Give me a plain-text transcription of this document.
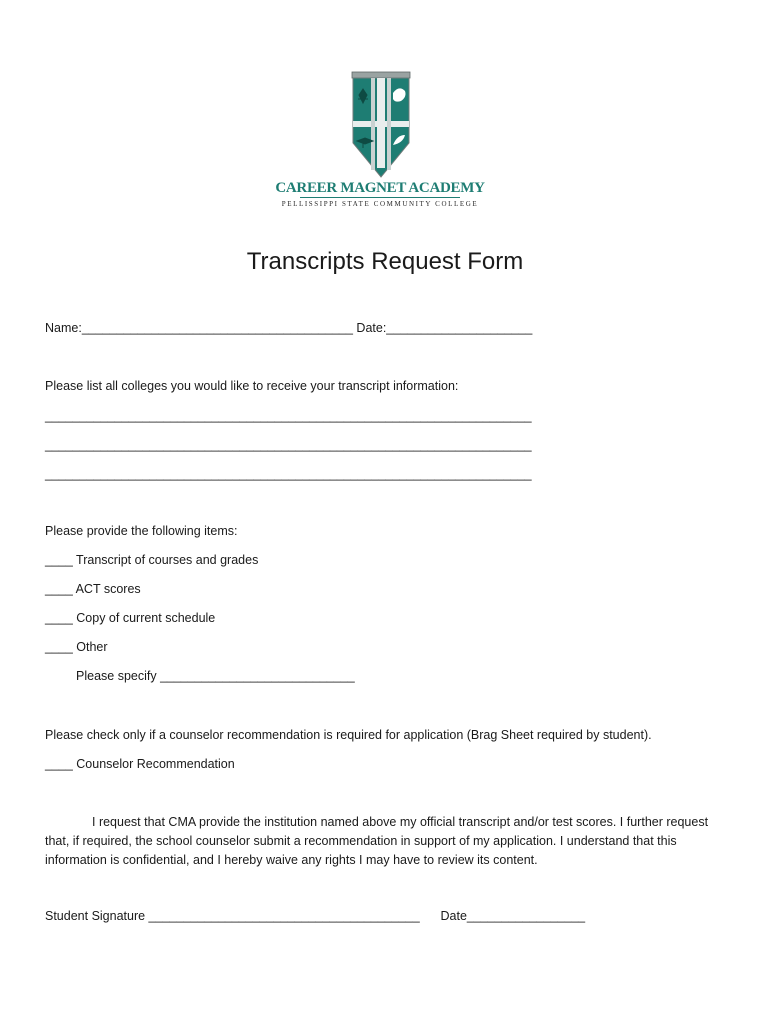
CAREER MAGNET ACADEMY
PELLISSIPPI STATE COMMUNITY COLLEGE
Transcripts Request Form
Name:_______________________________________ Date:_____________________
Please list all colleges you would like to receive your transcript information:
______________________________________________________________________
______________________________________________________________________
______________________________________________________________________
Please provide the following items:
____ Transcript of courses and grades
____ ACT scores
____ Copy of current schedule
____ Other
Please specify ____________________________
Please check only if a counselor recommendation is required for application (Brag Sheet required by student).
____ Counselor Recommendation
I request that CMA provide the institution named above my official transcript and/or test scores. I further request that, if required, the school counselor submit a recommendation in support of my application. I understand that this information is confidential, and I hereby waive any rights I may have to review its content.
Student Signature _______________________________________      Date_________________
